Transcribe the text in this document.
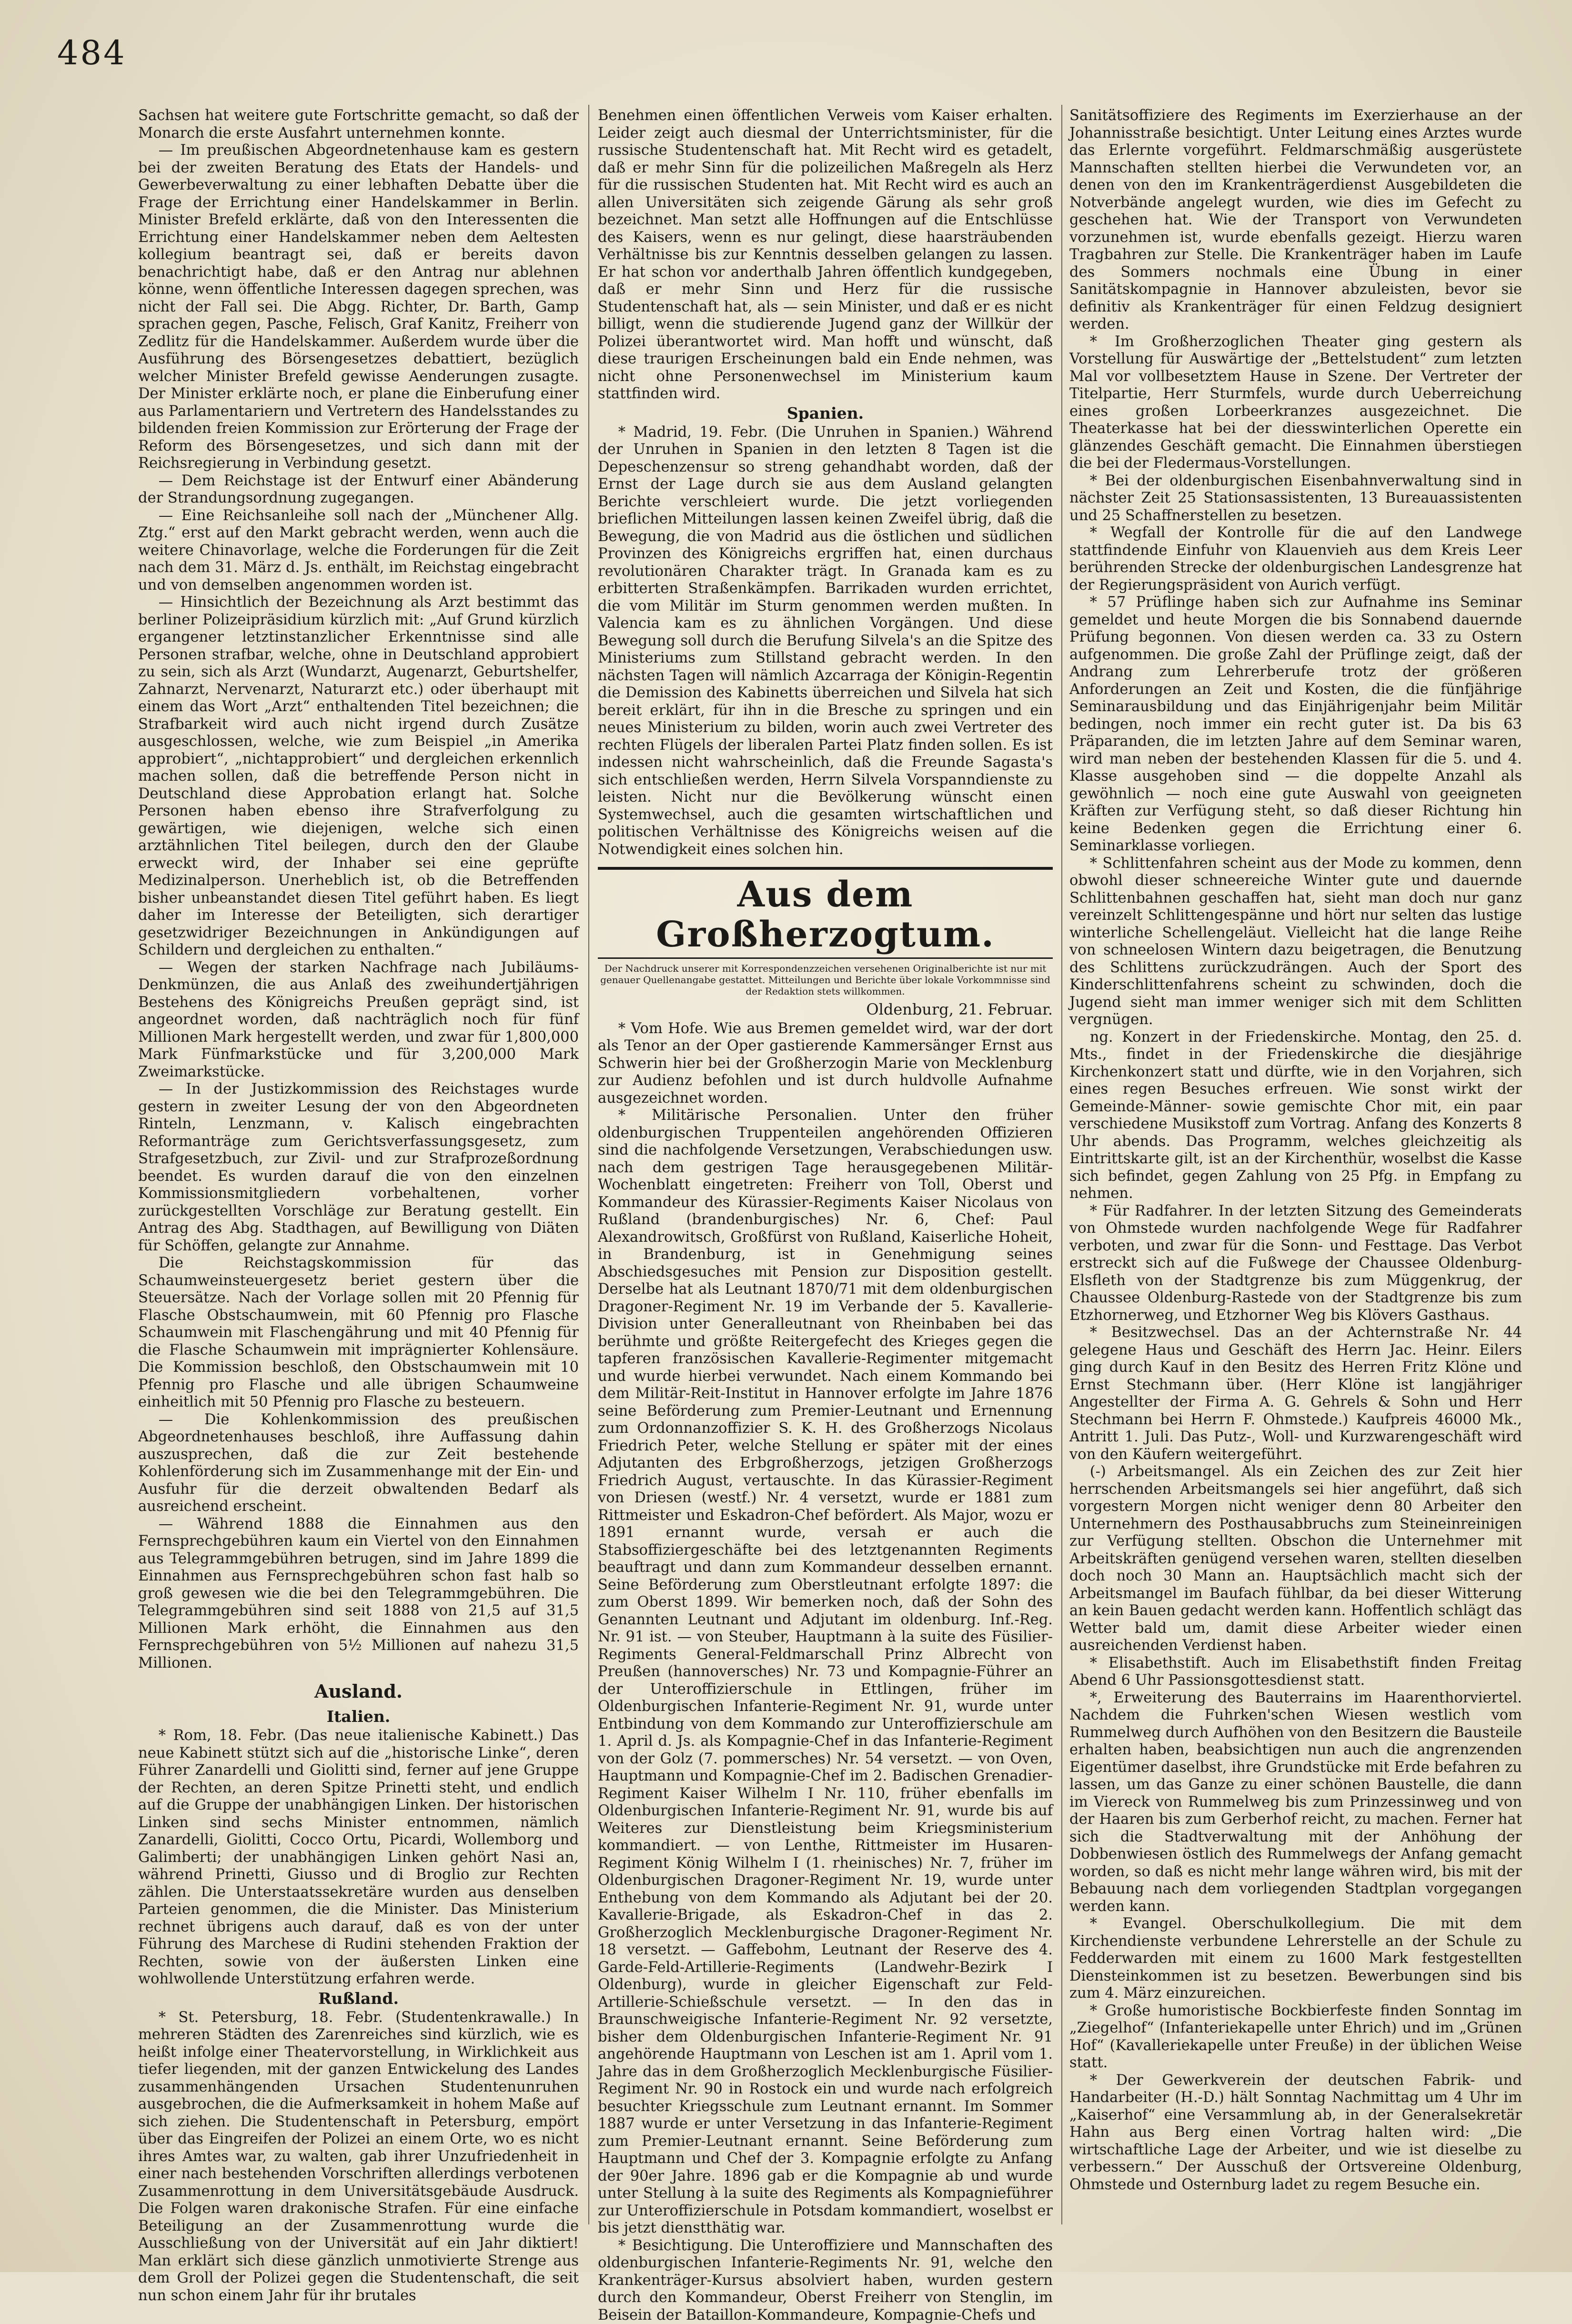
484

Sachsen hat weitere gute Fortschritte gemacht, so daß der Monarch die erste Ausfahrt unternehmen konnte.

— Im preußischen Abgeordnetenhause kam es gestern bei der zweiten Beratung des Etats der Handels- und Gewerbeverwaltung zu einer lebhaften Debatte über die Frage der Errichtung einer Handelskammer in Berlin. Minister Brefeld erklärte, daß von den Interessenten die Errichtung einer Handelskammer neben dem Aeltesten kollegium beantragt sei, daß er bereits davon benachrichtigt habe, daß er den Antrag nur ablehnen könne, wenn öffentliche Interessen dagegen sprechen, was nicht der Fall sei. Die Abgg. Richter, Dr. Barth, Gamp sprachen gegen, Pasche, Felisch, Graf Kanitz, Freiherr von Zedlitz für die Handelskammer. Außerdem wurde über die Ausführung des Börsengesetzes debattiert, bezüglich welcher Minister Brefeld gewisse Aenderungen zusagte. Der Minister erklärte noch, er plane die Einberufung einer aus Parlamentariern und Vertretern des Handelsstandes zu bildenden freien Kommission zur Erörterung der Frage der Reform des Börsengesetzes, und sich dann mit der Reichsregierung in Verbindung gesetzt.

— Dem Reichstage ist der Entwurf einer Abänderung der Strandungsordnung zugegangen.

— Eine Reichsanleihe soll nach der „Münchener Allg. Ztg.“ erst auf den Markt gebracht werden, wenn auch die weitere Chinavorlage, welche die Forderungen für die Zeit nach dem 31. März d. Js. enthält, im Reichstag eingebracht und von demselben angenommen worden ist.

— Hinsichtlich der Bezeichnung als Arzt bestimmt das berliner Polizeipräsidium kürzlich mit: „Auf Grund kürzlich ergangener letztinstanzlicher Erkenntnisse sind alle Personen strafbar, welche, ohne in Deutschland approbiert zu sein, sich als Arzt (Wundarzt, Augenarzt, Geburtshelfer, Zahnarzt, Nervenarzt, Naturarzt etc.) oder überhaupt mit einem das Wort „Arzt“ enthaltenden Titel bezeichnen; die Strafbarkeit wird auch nicht irgend durch Zusätze ausgeschlossen, welche, wie zum Beispiel „in Amerika approbiert“, „nichtapprobiert“ und dergleichen erkennlich machen sollen, daß die betreffende Person nicht in Deutschland diese Approbation erlangt hat. Solche Personen haben ebenso ihre Strafverfolgung zu gewärtigen, wie diejenigen, welche sich einen arztähnlichen Titel beilegen, durch den der Glaube erweckt wird, der Inhaber sei eine geprüfte Medizinalperson. Unerheblich ist, ob die Betreffenden bisher unbeanstandet diesen Titel geführt haben. Es liegt daher im Interesse der Beteiligten, sich derartiger gesetzwidriger Bezeichnungen in Ankündigungen auf Schildern und dergleichen zu enthalten.“

— Wegen der starken Nachfrage nach Jubiläums-Denkmünzen, die aus Anlaß des zweihundertjährigen Bestehens des Königreichs Preußen geprägt sind, ist angeordnet worden, daß nachträglich noch für fünf Millionen Mark hergestellt werden, und zwar für 1,800,000 Mark Fünfmarkstücke und für 3,200,000 Mark Zweimarkstücke.

— In der Justizkommission des Reichstages wurde gestern in zweiter Lesung der von den Abgeordneten Rinteln, Lenzmann, v. Kalisch eingebrachten Reformanträge zum Gerichtsverfassungsgesetz, zum Strafgesetzbuch, zur Zivil- und zur Strafprozeßordnung beendet. Es wurden darauf die von den einzelnen Kommissionsmitgliedern vorbehaltenen, vorher zurückgestellten Vorschläge zur Beratung gestellt. Ein Antrag des Abg. Stadthagen, auf Bewilligung von Diäten für Schöffen, gelangte zur Annahme.

Die Reichstagskommission für das Schaumweinsteuergesetz beriet gestern über die Steuersätze. Nach der Vorlage sollen mit 20 Pfennig für Flasche Obstschaumwein, mit 60 Pfennig pro Flasche Schaumwein mit Flaschengährung und mit 40 Pfennig für die Flasche Schaumwein mit imprägnierter Kohlensäure. Die Kommission beschloß, den Obstschaumwein mit 10 Pfennig pro Flasche und alle übrigen Schaumweine einheitlich mit 50 Pfennig pro Flasche zu besteuern.

— Die Kohlenkommission des preußischen Abgeordnetenhauses beschloß, ihre Auffassung dahin auszusprechen, daß die zur Zeit bestehende Kohlenförderung sich im Zusammenhange mit der Ein- und Ausfuhr für die derzeit obwaltenden Bedarf als ausreichend erscheint.

— Während 1888 die Einnahmen aus den Fernsprechgebühren kaum ein Viertel von den Einnahmen aus Telegrammgebühren betrugen, sind im Jahre 1899 die Einnahmen aus Fernsprechgebühren schon fast halb so groß gewesen wie die bei den Telegrammgebühren. Die Telegrammgebühren sind seit 1888 von 21,5 auf 31,5 Millionen Mark erhöht, die Einnahmen aus den Fernsprechgebühren von 5½ Millionen auf nahezu 31,5 Millionen.

Ausland.
Italien.

* Rom, 18. Febr. (Das neue italienische Kabinett.) Das neue Kabinett stützt sich auf die „historische Linke“, deren Führer Zanardelli und Giolitti sind, ferner auf jene Gruppe der Rechten, an deren Spitze Prinetti steht, und endlich auf die Gruppe der unabhängigen Linken. Der historischen Linken sind sechs Minister entnommen, nämlich Zanardelli, Giolitti, Cocco Ortu, Picardi, Wollemborg und Galimberti; der unabhängigen Linken gehört Nasi an, während Prinetti, Giusso und di Broglio zur Rechten zählen. Die Unterstaatssekretäre wurden aus denselben Parteien genommen, die die Minister. Das Ministerium rechnet übrigens auch darauf, daß es von der unter Führung des Marchese di Rudini stehenden Fraktion der Rechten, sowie von der äußersten Linken eine wohlwollende Unterstützung erfahren werde.

Rußland.

* St. Petersburg, 18. Febr. (Studentenkrawalle.) In mehreren Städten des Zarenreiches sind kürzlich, wie es heißt infolge einer Theatervorstellung, in Wirklichkeit aus tiefer liegenden, mit der ganzen Entwickelung des Landes zusammenhängenden Ursachen Studentenunruhen ausgebrochen, die die Aufmerksamkeit in hohem Maße auf sich ziehen. Die Studentenschaft in Petersburg, empört über das Eingreifen der Polizei an einem Orte, wo es nicht ihres Amtes war, zu walten, gab ihrer Unzufriedenheit in einer nach bestehenden Vorschriften allerdings verbotenen Zusammenrottung in dem Universitätsgebäude Ausdruck. Die Folgen waren drakonische Strafen. Für eine einfache Beteiligung an der Zusammenrottung wurde die Ausschließung von der Universität auf ein Jahr diktiert! Man erklärt sich diese gänzlich unmotivierte Strenge aus dem Groll der Polizei gegen die Studentenschaft, die seit nun schon einem Jahr für ihr brutales

Benehmen einen öffentlichen Verweis vom Kaiser erhalten. Leider zeigt auch diesmal der Unterrichtsminister, für die russische Studentenschaft hat. Mit Recht wird es getadelt, daß er mehr Sinn für die polizeilichen Maßregeln als Herz für die russischen Studenten hat. Mit Recht wird es auch an allen Universitäten sich zeigende Gärung als sehr groß bezeichnet. Man setzt alle Hoffnungen auf die Entschlüsse des Kaisers, wenn es nur gelingt, diese haarsträubenden Verhältnisse bis zur Kenntnis desselben gelangen zu lassen. Er hat schon vor anderthalb Jahren öffentlich kundgegeben, daß er mehr Sinn und Herz für die russische Studentenschaft hat, als — sein Minister, und daß er es nicht billigt, wenn die studierende Jugend ganz der Willkür der Polizei überantwortet wird. Man hofft und wünscht, daß diese traurigen Erscheinungen bald ein Ende nehmen, was nicht ohne Personenwechsel im Ministerium kaum stattfinden wird.

Spanien.

* Madrid, 19. Febr. (Die Unruhen in Spanien.) Während der Unruhen in Spanien in den letzten 8 Tagen ist die Depeschenzensur so streng gehandhabt worden, daß der Ernst der Lage durch sie aus dem Ausland gelangten Berichte verschleiert wurde. Die jetzt vorliegenden brieflichen Mitteilungen lassen keinen Zweifel übrig, daß die Bewegung, die von Madrid aus die östlichen und südlichen Provinzen des Königreichs ergriffen hat, einen durchaus revolutionären Charakter trägt. In Granada kam es zu erbitterten Straßenkämpfen. Barrikaden wurden errichtet, die vom Militär im Sturm genommen werden mußten. In Valencia kam es zu ähnlichen Vorgängen. Und diese Bewegung soll durch die Berufung Silvela's an die Spitze des Ministeriums zum Stillstand gebracht werden. In den nächsten Tagen will nämlich Azcarraga der Königin-Regentin die Demission des Kabinetts überreichen und Silvela hat sich bereit erklärt, für ihn in die Bresche zu springen und ein neues Ministerium zu bilden, worin auch zwei Vertreter des rechten Flügels der liberalen Partei Platz finden sollen. Es ist indessen nicht wahrscheinlich, daß die Freunde Sagasta's sich entschließen werden, Herrn Silvela Vorspanndienste zu leisten. Nicht nur die Bevölkerung wünscht einen Systemwechsel, auch die gesamten wirtschaftlichen und politischen Verhältnisse des Königreichs weisen auf die Notwendigkeit eines solchen hin.

Aus dem Großherzogtum.
Der Nachdruck unserer mit Korrespondenzzeichen versehenen Originalberichte ist nur mit genauer Quellenangabe gestattet. Mitteilungen und Berichte über lokale Vorkommnisse sind der Redaktion stets willkommen.
Oldenburg, 21. Februar.

* Vom Hofe. Wie aus Bremen gemeldet wird, war der dort als Tenor an der Oper gastierende Kammersänger Ernst aus Schwerin hier bei der Großherzogin Marie von Mecklenburg zur Audienz befohlen und ist durch huldvolle Aufnahme ausgezeichnet worden.

* Militärische Personalien. Unter den früher oldenburgischen Truppenteilen angehörenden Offizieren sind die nachfolgende Versetzungen, Verabschiedungen usw. nach dem gestrigen Tage herausgegebenen Militär-Wochenblatt eingetreten: Freiherr von Toll, Oberst und Kommandeur des Kürassier-Regiments Kaiser Nicolaus von Rußland (brandenburgisches) Nr. 6, Chef: Paul Alexandrowitsch, Großfürst von Rußland, Kaiserliche Hoheit, in Brandenburg, ist in Genehmigung seines Abschiedsgesuches mit Pension zur Disposition gestellt. Derselbe hat als Leutnant 1870/71 mit dem oldenburgischen Dragoner-Regiment Nr. 19 im Verbande der 5. Kavallerie-Division unter Generalleutnant von Rheinbaben bei das berühmte und größte Reitergefecht des Krieges gegen die tapferen französischen Kavallerie-Regimenter mitgemacht und wurde hierbei verwundet. Nach einem Kommando bei dem Militär-Reit-Institut in Hannover erfolgte im Jahre 1876 seine Beförderung zum Premier-Leutnant und Ernennung zum Ordonnanzoffizier S. K. H. des Großherzogs Nicolaus Friedrich Peter, welche Stellung er später mit der eines Adjutanten des Erbgroßherzogs, jetzigen Großherzogs Friedrich August, vertauschte. In das Kürassier-Regiment von Driesen (westf.) Nr. 4 versetzt, wurde er 1881 zum Rittmeister und Eskadron-Chef befördert. Als Major, wozu er 1891 ernannt wurde, versah er auch die Stabsoffiziergeschäfte bei des letztgenannten Regiments beauftragt und dann zum Kommandeur desselben ernannt. Seine Beförderung zum Oberstleutnant erfolgte 1897: die zum Oberst 1899. Wir bemerken noch, daß der Sohn des Genannten Leutnant und Adjutant im oldenburg. Inf.-Reg. Nr. 91 ist. — von Steuber, Hauptmann à la suite des Füsilier-Regiments General-Feldmarschall Prinz Albrecht von Preußen (hannoversches) Nr. 73 und Kompagnie-Führer an der Unteroffizierschule in Ettlingen, früher im Oldenburgischen Infanterie-Regiment Nr. 91, wurde unter Entbindung von dem Kommando zur Unteroffizierschule am 1. April d. Js. als Kompagnie-Chef in das Infanterie-Regiment von der Golz (7. pommersches) Nr. 54 versetzt. — von Oven, Hauptmann und Kompagnie-Chef im 2. Badischen Grenadier-Regiment Kaiser Wilhelm I Nr. 110, früher ebenfalls im Oldenburgischen Infanterie-Regiment Nr. 91, wurde bis auf Weiteres zur Dienstleistung beim Kriegsministerium kommandiert. — von Lenthe, Rittmeister im Husaren-Regiment König Wilhelm I (1. rheinisches) Nr. 7, früher im Oldenburgischen Dragoner-Regiment Nr. 19, wurde unter Enthebung von dem Kommando als Adjutant bei der 20. Kavallerie-Brigade, als Eskadron-Chef in das 2. Großherzoglich Mecklenburgische Dragoner-Regiment Nr. 18 versetzt. — Gaffebohm, Leutnant der Reserve des 4. Garde-Feld-Artillerie-Regiments (Landwehr-Bezirk I Oldenburg), wurde in gleicher Eigenschaft zur Feld-Artillerie-Schießschule versetzt. — In den das in Braunschweigische Infanterie-Regiment Nr. 92 versetzte, bisher dem Oldenburgischen Infanterie-Regiment Nr. 91 angehörende Hauptmann von Leschen ist am 1. April vom 1. Jahre das in dem Großherzoglich Mecklenburgische Füsilier-Regiment Nr. 90 in Rostock ein und wurde nach erfolgreich besuchter Kriegsschule zum Leutnant ernannt. Im Sommer 1887 wurde er unter Versetzung in das Infanterie-Regiment zum Premier-Leutnant ernannt. Seine Beförderung zum Hauptmann und Chef der 3. Kompagnie erfolgte zu Anfang der 90er Jahre. 1896 gab er die Kompagnie ab und wurde unter Stellung à la suite des Regiments als Kompagnieführer zur Unteroffizierschule in Potsdam kommandiert, woselbst er bis jetzt dienstthätig war.

* Besichtigung. Die Unteroffiziere und Mannschaften des oldenburgischen Infanterie-Regiments Nr. 91, welche den Krankenträger-Kursus absolviert haben, wurden gestern durch den Kommandeur, Oberst Freiherr von Stenglin, im Beisein der Bataillon-Kommandeure, Kompagnie-Chefs und

Sanitätsoffiziere des Regiments im Exerzierhause an der Johannisstraße besichtigt. Unter Leitung eines Arztes wurde das Erlernte vorgeführt. Feldmarschmäßig ausgerüstete Mannschaften stellten hierbei die Verwundeten vor, an denen von den im Krankenträgerdienst Ausgebildeten die Notverbände angelegt wurden, wie dies im Gefecht zu geschehen hat. Wie der Transport von Verwundeten vorzunehmen ist, wurde ebenfalls gezeigt. Hierzu waren Tragbahren zur Stelle. Die Krankenträger haben im Laufe des Sommers nochmals eine Übung in einer Sanitätskompagnie in Hannover abzuleisten, bevor sie definitiv als Krankenträger für einen Feldzug designiert werden.

* Im Großherzoglichen Theater ging gestern als Vorstellung für Auswärtige der „Bettelstudent“ zum letzten Mal vor vollbesetztem Hause in Szene. Der Vertreter der Titelpartie, Herr Sturmfels, wurde durch Ueberreichung eines großen Lorbeerkranzes ausgezeichnet. Die Theaterkasse hat bei der diesswinterlichen Operette ein glänzendes Geschäft gemacht. Die Einnahmen überstiegen die bei der Fledermaus-Vorstellungen.

* Bei der oldenburgischen Eisenbahnverwaltung sind in nächster Zeit 25 Stationsassistenten, 13 Bureauassistenten und 25 Schaffnerstellen zu besetzen.

* Wegfall der Kontrolle für die auf den Landwege stattfindende Einfuhr von Klauenvieh aus dem Kreis Leer berührenden Strecke der oldenburgischen Landesgrenze hat der Regierungspräsident von Aurich verfügt.

* 57 Prüflinge haben sich zur Aufnahme ins Seminar gemeldet und heute Morgen die bis Sonnabend dauernde Prüfung begonnen. Von diesen werden ca. 33 zu Ostern aufgenommen. Die große Zahl der Prüflinge zeigt, daß der Andrang zum Lehrerberufe trotz der größeren Anforderungen an Zeit und Kosten, die die fünfjährige Seminarausbildung und das Einjährigenjahr beim Militär bedingen, noch immer ein recht guter ist. Da bis 63 Präparanden, die im letzten Jahre auf dem Seminar waren, wird man neben der bestehenden Klassen für die 5. und 4. Klasse ausgehoben sind — die doppelte Anzahl als gewöhnlich — noch eine gute Auswahl von geeigneten Kräften zur Verfügung steht, so daß dieser Richtung hin keine Bedenken gegen die Errichtung einer 6. Seminarklasse vorliegen.

* Schlittenfahren scheint aus der Mode zu kommen, denn obwohl dieser schneereiche Winter gute und dauernde Schlittenbahnen geschaffen hat, sieht man doch nur ganz vereinzelt Schlittengespänne und hört nur selten das lustige winterliche Schellengeläut. Vielleicht hat die lange Reihe von schneelosen Wintern dazu beigetragen, die Benutzung des Schlittens zurückzudrängen. Auch der Sport des Kinderschlittenfahrens scheint zu schwinden, doch die Jugend sieht man immer weniger sich mit dem Schlitten vergnügen.

ng. Konzert in der Friedenskirche. Montag, den 25. d. Mts., findet in der Friedenskirche die diesjährige Kirchenkonzert statt und dürfte, wie in den Vorjahren, sich eines regen Besuches erfreuen. Wie sonst wirkt der Gemeinde-Männer- sowie gemischte Chor mit, ein paar verschiedene Musikstoff zum Vortrag. Anfang des Konzerts 8 Uhr abends. Das Programm, welches gleichzeitig als Eintrittskarte gilt, ist an der Kirchenthür, woselbst die Kasse sich befindet, gegen Zahlung von 25 Pfg. in Empfang zu nehmen.

* Für Radfahrer. In der letzten Sitzung des Gemeinderats von Ohmstede wurden nachfolgende Wege für Radfahrer verboten, und zwar für die Sonn- und Festtage. Das Verbot erstreckt sich auf die Fußwege der Chaussee Oldenburg-Elsfleth von der Stadtgrenze bis zum Müggenkrug, der Chaussee Oldenburg-Rastede von der Stadtgrenze bis zum Etzhornerweg, und Etzhorner Weg bis Klövers Gasthaus.

* Besitzwechsel. Das an der Achternstraße Nr. 44 gelegene Haus und Geschäft des Herrn Jac. Heinr. Eilers ging durch Kauf in den Besitz des Herren Fritz Klöne und Ernst Stechmann über. (Herr Klöne ist langjähriger Angestellter der Firma A. G. Gehrels & Sohn und Herr Stechmann bei Herrn F. Ohmstede.) Kaufpreis 46000 Mk., Antritt 1. Juli. Das Putz-, Woll- und Kurzwarengeschäft wird von den Käufern weitergeführt.

(-) Arbeitsmangel. Als ein Zeichen des zur Zeit hier herrschenden Arbeitsmangels sei hier angeführt, daß sich vorgestern Morgen nicht weniger denn 80 Arbeiter den Unternehmern des Posthausabbruchs zum Steineinreinigen zur Verfügung stellten. Obschon die Unternehmer mit Arbeitskräften genügend versehen waren, stellten dieselben doch noch 30 Mann an. Hauptsächlich macht sich der Arbeitsmangel im Baufach fühlbar, da bei dieser Witterung an kein Bauen gedacht werden kann. Hoffentlich schlägt das Wetter bald um, damit diese Arbeiter wieder einen ausreichenden Verdienst haben.

* Elisabethstift. Auch im Elisabethstift finden Freitag Abend 6 Uhr Passionsgottesdienst statt.

*, Erweiterung des Bauterrains im Haarenthorviertel. Nachdem die Fuhrken'schen Wiesen westlich vom Rummelweg durch Aufhöhen von den Besitzern die Bausteile erhalten haben, beabsichtigen nun auch die angrenzenden Eigentümer daselbst, ihre Grundstücke mit Erde befahren zu lassen, um das Ganze zu einer schönen Baustelle, die dann im Viereck von Rummelweg bis zum Prinzessinweg und von der Haaren bis zum Gerberhof reicht, zu machen. Ferner hat sich die Stadtverwaltung mit der Anhöhung der Dobbenwiesen östlich des Rummelwegs der Anfang gemacht worden, so daß es nicht mehr lange währen wird, bis mit der Bebauung nach dem vorliegenden Stadtplan vorgegangen werden kann.

* Evangel. Oberschulkollegium. Die mit dem Kirchendienste verbundene Lehrerstelle an der Schule zu Fedderwarden mit einem zu 1600 Mark festgestellten Diensteinkommen ist zu besetzen. Bewerbungen sind bis zum 4. März einzureichen.

* Große humoristische Bockbierfeste finden Sonntag im „Ziegelhof“ (Infanteriekapelle unter Ehrich) und im „Grünen Hof“ (Kavalleriekapelle unter Freuße) in der üblichen Weise statt.

* Der Gewerkverein der deutschen Fabrik- und Handarbeiter (H.-D.) hält Sonntag Nachmittag um 4 Uhr im „Kaiserhof“ eine Versammlung ab, in der Generalsekretär Hahn aus Berg einen Vortrag halten wird: „Die wirtschaftliche Lage der Arbeiter, und wie ist dieselbe zu verbessern.“ Der Ausschuß der Ortsvereine Oldenburg, Ohmstede und Osternburg ladet zu regem Besuche ein.
